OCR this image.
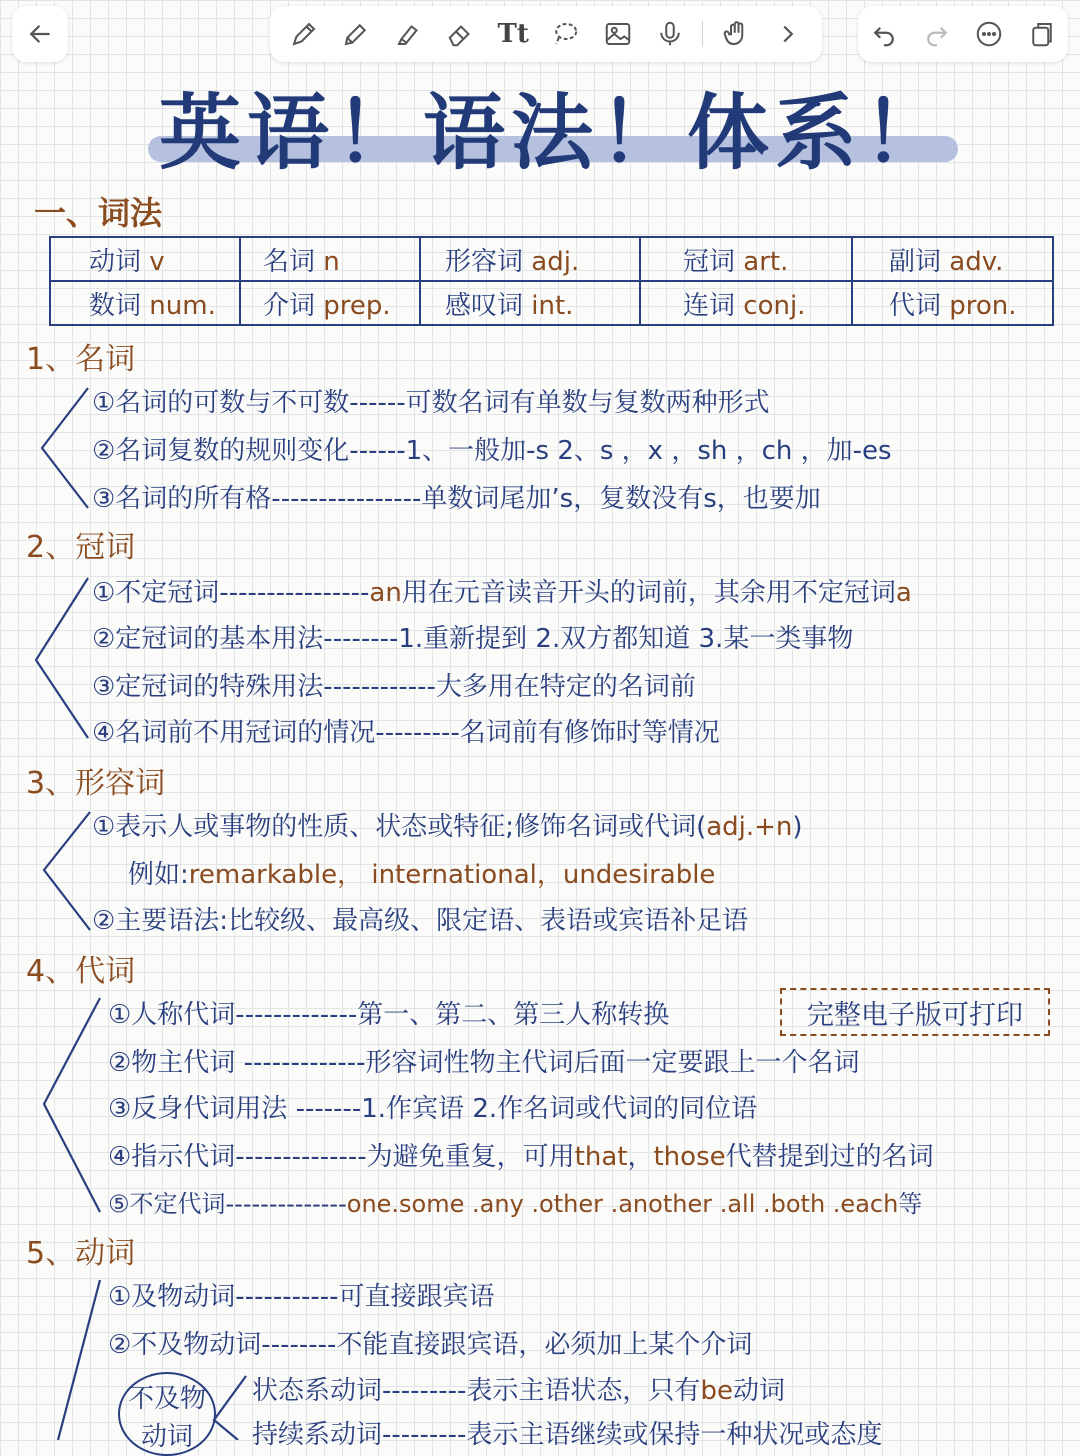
Tt
英语！语法！体系！
一、词法
动词 v	名词 n	形容词 adj.	冠词 art.	副词 adv.
数词 num.	介词 prep.	感叹词 int.	连词 conj.	代词 pron.
1、名词
①名词的可数与不可数------可数名词有单数与复数两种形式
②名词复数的规则变化------1、一般加-s 2、s ，x ，sh ，ch ，加-es
③名词的所有格----------------单数词尾加’s，复数没有s，也要加
2、冠词
①不定冠词----------------an用在元音读音开头的词前，其余用不定冠词a
②定冠词的基本用法--------1.重新提到 2.双方都知道 3.某一类事物
③定冠词的特殊用法------------大多用在特定的名词前
④名词前不用冠词的情况---------名词前有修饰时等情况
3、形容词
①表示人或事物的性质、状态或特征;修饰名词或代词(adj.+n)
例如:remarkable， international，undesirable
②主要语法:比较级、最高级、限定语、表语或宾语补足语
4、代词
①人称代词-------------第一、第二、第三人称转换	完整电子版可打印
②物主代词 -------------形容词性物主代词后面一定要跟上一个名词
③反身代词用法 -------1.作宾语 2.作名词或代词的同位语
④指示代词--------------为避免重复，可用that，those代替提到过的名词
⑤不定代词--------------one.some .any .other .another .all .both .each等
5、动词
①及物动词-----------可直接跟宾语
②不及物动词--------不能直接跟宾语，必须加上某个介词
不及物动词
状态系动词---------表示主语状态，只有be动词
持续系动词---------表示主语继续或保持一种状况或态度
